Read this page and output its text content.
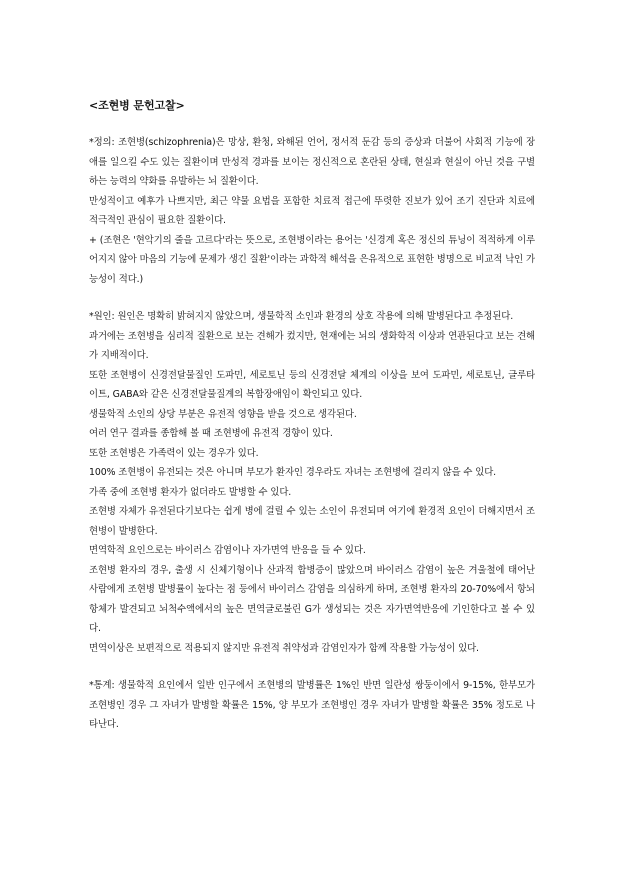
<조현병 문헌고찰>

*정의: 조현병(schizophrenia)은 망상, 환청, 와해된 언어, 정서적 둔감 등의 증상과 더불어 사회적 기능에 장애를 일으킬 수도 있는 질환이며 만성적 경과를 보이는 정신적으로 혼란된 상태, 현실과 현실이 아닌 것을 구별하는 능력의 약화를 유발하는 뇌 질환이다.

만성적이고 예후가 나쁘지만, 최근 약물 요법을 포함한 치료적 접근에 뚜렷한 진보가 있어 조기 진단과 치료에 적극적인 관심이 필요한 질환이다.

+ (조현은 '현악기의 줄을 고르다'라는 뜻으로, 조현병이라는 용어는 '신경계 혹은 정신의 튜닝이 적적하게 이루어지지 않아 마음의 기능에 문제가 생긴 질환'이라는 과학적 해석을 은유적으로 표현한 병명으로 비교적 낙인 가능성이 적다.)

*원인: 원인은 명확히 밝혀지지 않았으며, 생물학적 소인과 환경의 상호 작용에 의해 발병된다고 추정된다.

과거에는 조현병을 심리적 질환으로 보는 견해가 컸지만, 현재에는 뇌의 생화학적 이상과 연관된다고 보는 견해가 지배적이다.

또한 조현병이 신경전달물질인 도파민, 세로토닌 등의 신경전달 체계의 이상을 보여 도파민, 세로토닌, 글루타이트, GABA와 같은 신경전달물질계의 복합장애임이 확인되고 있다.

생물학적 소인의 상당 부분은 유전적 영향을 받을 것으로 생각된다.

여러 연구 결과를 종합해 볼 때 조현병에 유전적 경향이 있다.

또한 조현병은 가족력이 있는 경우가 있다.

100% 조현병이 유전되는 것은 아니며 부모가 환자인 경우라도 자녀는 조현병에 걸리지 않을 수 있다.

가족 중에 조현병 환자가 없더라도 발병할 수 있다.

조현병 자체가 유전된다기보다는 쉽게 병에 걸릴 수 있는 소인이 유전되며 여기에 환경적 요인이 더해지면서 조현병이 발병한다.

면역학적 요인으로는 바이러스 감염이나 자가면역 반응을 들 수 있다.

조현병 환자의 경우, 출생 시 신체기형이나 산과적 합병증이 많았으며 바이러스 감염이 높은 겨울철에 태어난 사람에게 조현병 발병률이 높다는 점 등에서 바이러스 감염을 의심하게 하며, 조현병 환자의 20-70%에서 항뇌항체가 발견되고 뇌척수액에서의 높은 면역글로불린 G가 생성되는 것은 자가면역반응에 기인한다고 볼 수 있다.

면역이상은 보편적으로 적용되지 않지만 유전적 취약성과 감염인자가 함께 작용할 가능성이 있다.

*통계: 생물학적 요인에서 일반 인구에서 조현병의 발병률은 1%인 반면 일란성 쌍둥이에서 9-15%, 한부모가 조현병인 경우 그 자녀가 발병할 확률은 15%, 양 부모가 조현병인 경우 자녀가 발병할 확률은 35% 정도로 나타난다.
